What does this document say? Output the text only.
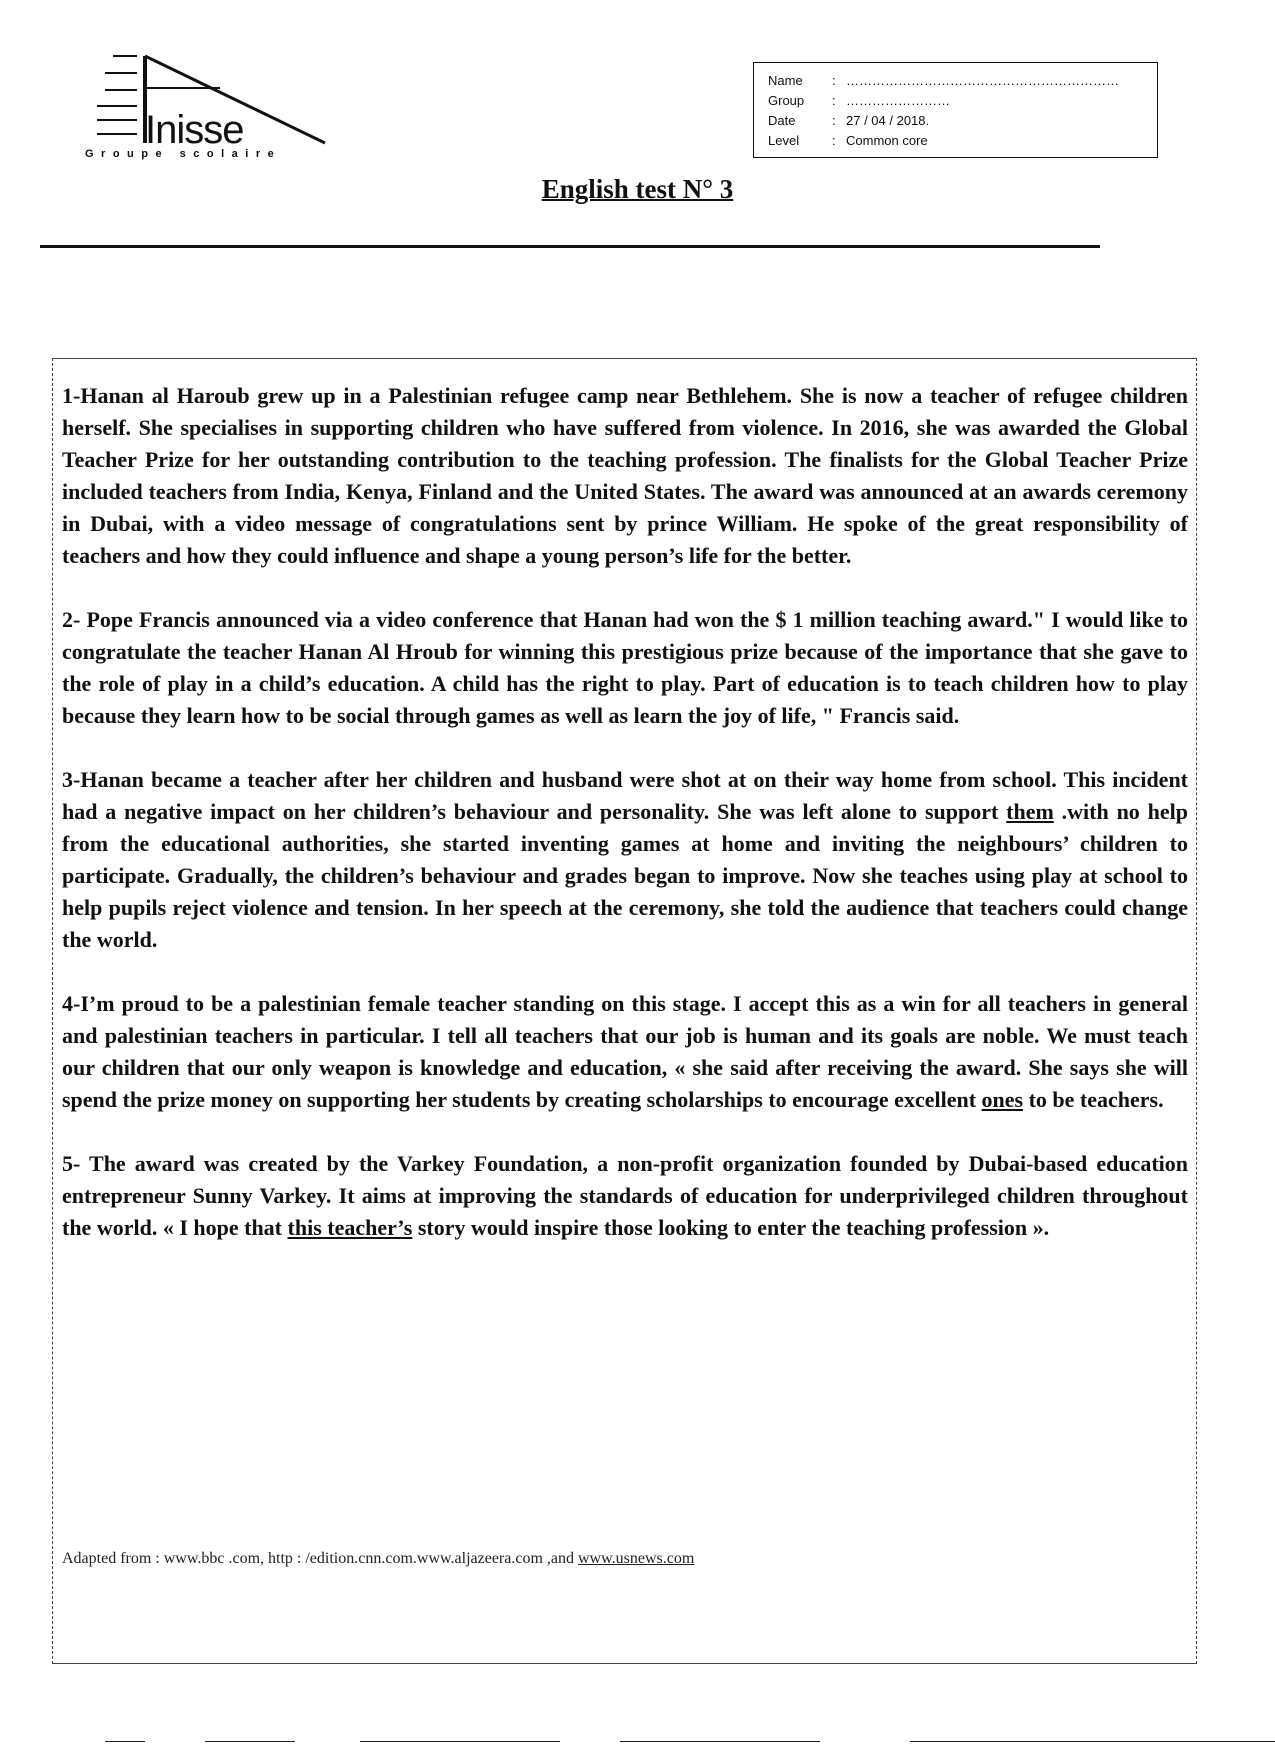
Inisse
Groupe scolaire
Name	: ………………………………………………………
Group	: ……………………
Date	: 27 / 04 / 2018.
Level	: Common core
English test N° 3

1-Hanan al Haroub grew up in a Palestinian refugee camp near Bethlehem. She is now a teacher of refugee children herself. She specialises in supporting children who have suffered from violence. In 2016, she was awarded the Global Teacher Prize for her outstanding contribution to the teaching profession. The finalists for the Global Teacher Prize included teachers from India, Kenya, Finland and the United States. The award was announced at an awards ceremony in Dubai, with a video message of congratulations sent by prince William. He spoke of the great responsibility of teachers and how they could influence and shape a young person’s life for the better.

2- Pope Francis announced via a video conference that Hanan had won the $ 1 million teaching award." I would like to congratulate the teacher Hanan Al Hroub for winning this prestigious prize because of the importance that she gave to the role of play in a child’s education. A child has the right to play. Part of education is to teach children how to play because they learn how to be social through games as well as learn the joy of life, " Francis said.

3-Hanan became a teacher after her children and husband were shot at on their way home from school. This incident had a negative impact on her children’s behaviour and personality. She was left alone to support them .with no help from the educational authorities, she started inventing games at home and inviting the neighbours’ children to participate. Gradually, the children’s behaviour and grades began to improve. Now she teaches using play at school to help pupils reject violence and tension. In her speech at the ceremony, she told the audience that teachers could change the world.

4-I’m proud to be a palestinian female teacher standing on this stage. I accept this as a win for all teachers in general and palestinian teachers in particular. I tell all teachers that our job is human and its goals are noble. We must teach our children that our only weapon is knowledge and education, « she said after receiving the award. She says she will spend the prize money on supporting her students by creating scholarships to encourage excellent ones to be teachers.

5- The award was created by the Varkey Foundation, a non-profit organization founded by Dubai-based education entrepreneur Sunny Varkey. It aims at improving the standards of education for underprivileged children throughout the world. « I hope that this teacher’s story would inspire those looking to enter the teaching profession ».

Adapted from : www.bbc .com, http : /edition.cnn.com.www.aljazeera.com ,and www.usnews.com
